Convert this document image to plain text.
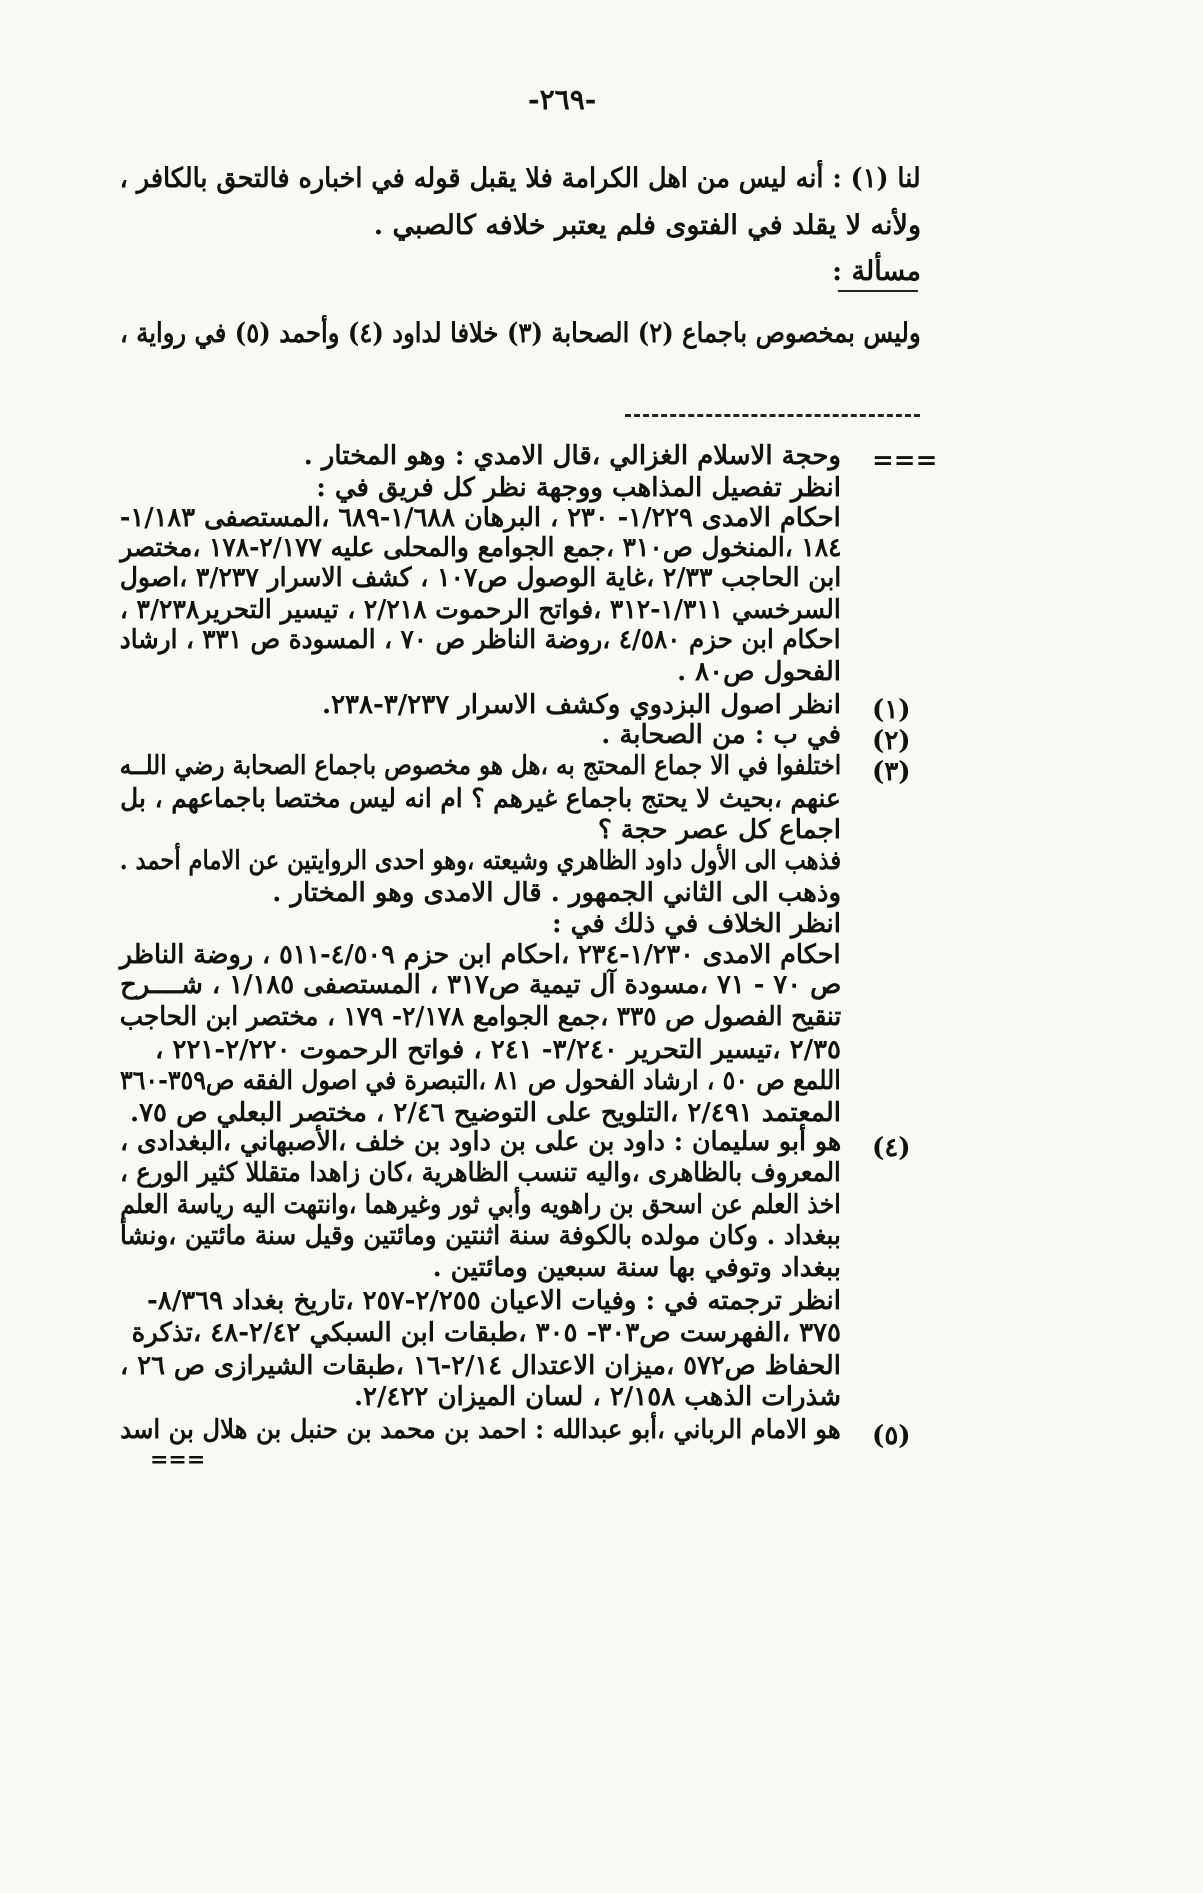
-٢٦٩-
لنا (١) : أنه ليس من اهل الكرامة فلا يقبل قوله في اخباره فالتحق بالكافر ،
ولأنه لا يقلد في الفتوى فلم يعتبر خلافه كالصبي .
مسألة :
وليس بمخصوص باجماع (٢) الصحابة (٣) خلافا لداود (٤) وأحمد (٥) في رواية ،
===
وحجة الاسلام الغزالي ،قال الامدي : وهو المختار .
انظر تفصيل المذاهب ووجهة نظر كل فريق في :
احكام الامدى ١/٢٢٩- ٢٣٠ ، البرهان ١/٦٨٨-٦٨٩ ،المستصفى ١/١٨٣-
١٨٤ ،المنخول ص٣١٠ ،جمع الجوامع والمحلى عليه ٢/١٧٧-١٧٨ ،مختصر
ابن الحاجب ٢/٣٣ ،غاية الوصول ص١٠٧ ، كشف الاسرار ٣/٢٣٧ ،اصول
السرخسي ١/٣١١-٣١٢ ،فواتح الرحموت ٢/٢١٨ ، تيسير التحرير٣/٢٣٨ ،
احكام ابن حزم ٤/٥٨٠ ،روضة الناظر ص ٧٠ ، المسودة ص ٣٣١ ، ارشاد
الفحول ص٨٠ .
(١)
انظر اصول البزدوي وكشف الاسرار ٣/٢٣٧-٢٣٨.
(٢)
في ب : من الصحابة .
(٣)
اختلفوا في الا جماع المحتج به ،هل هو مخصوص باجماع الصحابة رضي اللــه
عنهم ،بحيث لا يحتج باجماع غيرهم ؟ ام انه ليس مختصا باجماعهم ، بل
اجماع كل عصر حجة ؟
فذهب الى الأول داود الظاهري وشيعته ،وهو احدى الروايتين عن الامام أحمد .
وذهب الى الثاني الجمهور . قال الامدى وهو المختار .
انظر الخلاف في ذلك في :
احكام الامدى ١/٢٣٠-٢٣٤ ،احكام ابن حزم ٤/٥٠٩-٥١١ ، روضة الناظر
ص ٧٠ - ٧١ ،مسودة آل تيمية ص٣١٧ ، المستصفى ١/١٨٥ ، شــــرح
تنقيح الفصول ص ٣٣٥ ،جمع الجوامع ٢/١٧٨- ١٧٩ ، مختصر ابن الحاجب
٢/٣٥ ،تيسير التحرير ٣/٢٤٠- ٢٤١ ، فواتح الرحموت ٢/٢٢٠-٢٢١ ،
اللمع ص ٥٠ ، ارشاد الفحول ص ٨١ ،التبصرة في اصول الفقه ص٣٥٩-٣٦٠
المعتمد ٢/٤٩١ ،التلويح على التوضيح ٢/٤٦ ، مختصر البعلي ص ٧٥.
(٤)
هو أبو سليمان : داود بن على بن داود بن خلف ،الأصبهاني ،البغدادى ،
المعروف بالظاهرى ،واليه تنسب الظاهرية ،كان زاهدا متقللا كثير الورع ،
اخذ العلم عن اسحق بن راهويه وأبي ثور وغيرهما ،وانتهت اليه رياسة العلم
ببغداد . وكان مولده بالكوفة سنة اثنتين ومائتين وقيل سنة مائتين ،ونشأ
ببغداد وتوفي بها سنة سبعين ومائتين .
انظر ترجمته في : وفيات الاعيان ٢/٢٥٥-٢٥٧ ،تاريخ بغداد ٨/٣٦٩-
٣٧٥ ،الفهرست ص٣٠٣- ٣٠٥ ،طبقات ابن السبكي ٢/٤٢-٤٨ ،تذكرة
الحفاظ ص٥٧٢ ،ميزان الاعتدال ٢/١٤-١٦ ،طبقات الشيرازى ص ٢٦ ،
شذرات الذهب ٢/١٥٨ ، لسان الميزان ٢/٤٢٢.
(٥)
هو الامام الرباني ،أبو عبدالله : احمد بن محمد بن حنبل بن هلال بن اسد
===
